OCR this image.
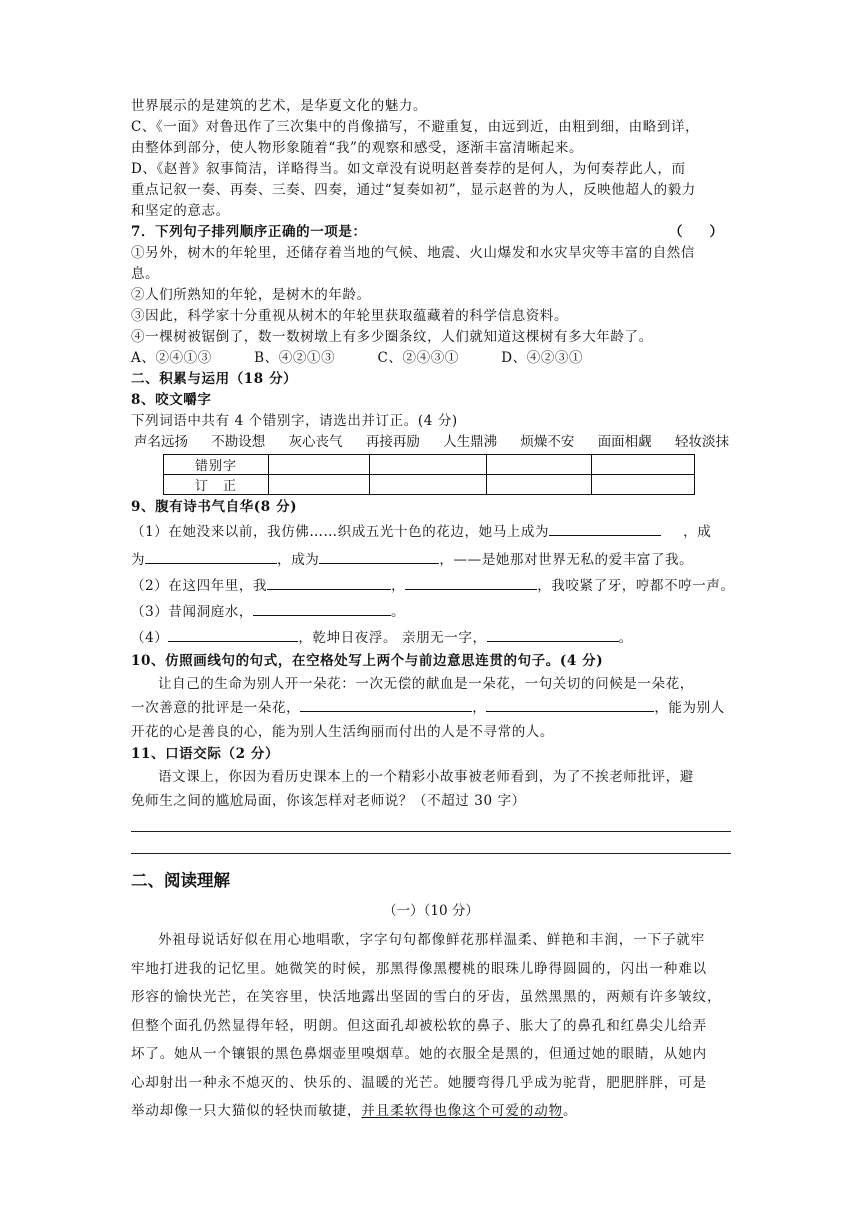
世界展示的是建筑的艺术，是华夏文化的魅力。
C、《一面》对鲁迅作了三次集中的肖像描写，不避重复，由远到近，由粗到细，由略到详，
由整体到部分，使人物形象随着“我”的观察和感受，逐渐丰富清晰起来。
D、《赵普》叙事简洁，详略得当。如文章没有说明赵普奏荐的是何人，为何奏荐此人，而
重点记叙一奏、再奏、三奏、四奏，通过“复奏如初”，显示赵普的为人，反映他超人的毅力
和坚定的意志。
7．下列句子排列顺序正确的一项是：	（　　）
①另外，树木的年轮里，还储存着当地的气候、地震、火山爆发和水灾旱灾等丰富的自然信
息。
②人们所熟知的年轮，是树木的年龄。
③因此，科学家十分重视从树木的年轮里获取蕴藏着的科学信息资料。
④一棵树被锯倒了，数一数树墩上有多少圈条纹，人们就知道这棵树有多大年龄了。
A、②④①③　　　B、④②①③　　　C、②④③①　　　D、④②③①
二、积累与运用（18 分）
8、咬文嚼字
下列词语中共有 4 个错别字，请选出并订正。(4 分)
声名远扬 不勘设想 灰心丧气 再接再励 人生鼎沸 烦燥不安 面面相觑 轻妆淡抹
错别字				
订　正				
9、腹有诗书气自华(8 分)
（1）在她没来以前，我仿佛……织成五光十色的花边，她马上成为	，成
为	，成为	，——是她那对世界无私的爱丰富了我。
（2）在这四年里，我	，	，我咬紧了牙，哼都不哼一声。
（3）昔闻洞庭水，	。
（4）	，乾坤日夜浮。 亲朋无一字，	。
10、仿照画线句的句式，在空格处写上两个与前边意思连贯的句子。(4 分)
让自己的生命为别人开一朵花：一次无偿的献血是一朵花，一句关切的问候是一朵花，
一次善意的批评是一朵花，	，	，能为别人
开花的心是善良的心，能为别人生活绚丽而付出的人是不寻常的人。
11、口语交际（2 分）
语文课上，你因为看历史课本上的一个精彩小故事被老师看到，为了不挨老师批评，避
免师生之间的尴尬局面，你该怎样对老师说？（不超过 30 字）
二、阅读理解
（一）（10 分）
外祖母说话好似在用心地唱歌，字字句句都像鲜花那样温柔、鲜艳和丰润，一下子就牢
牢地打进我的记忆里。她微笑的时候，那黑得像黑樱桃的眼珠儿睁得圆圆的，闪出一种难以
形容的愉快光芒，在笑容里，快活地露出坚固的雪白的牙齿，虽然黑黑的，两颊有许多皱纹，
但整个面孔仍然显得年轻，明朗。但这面孔却被松软的鼻子、胀大了的鼻孔和红鼻尖儿给弄
坏了。她从一个镶银的黑色鼻烟壶里嗅烟草。她的衣服全是黑的，但通过她的眼睛，从她内
心却射出一种永不熄灭的、快乐的、温暖的光芒。她腰弯得几乎成为驼背，肥肥胖胖，可是
举动却像一只大猫似的轻快而敏捷，并且柔软得也像这个可爱的动物。
